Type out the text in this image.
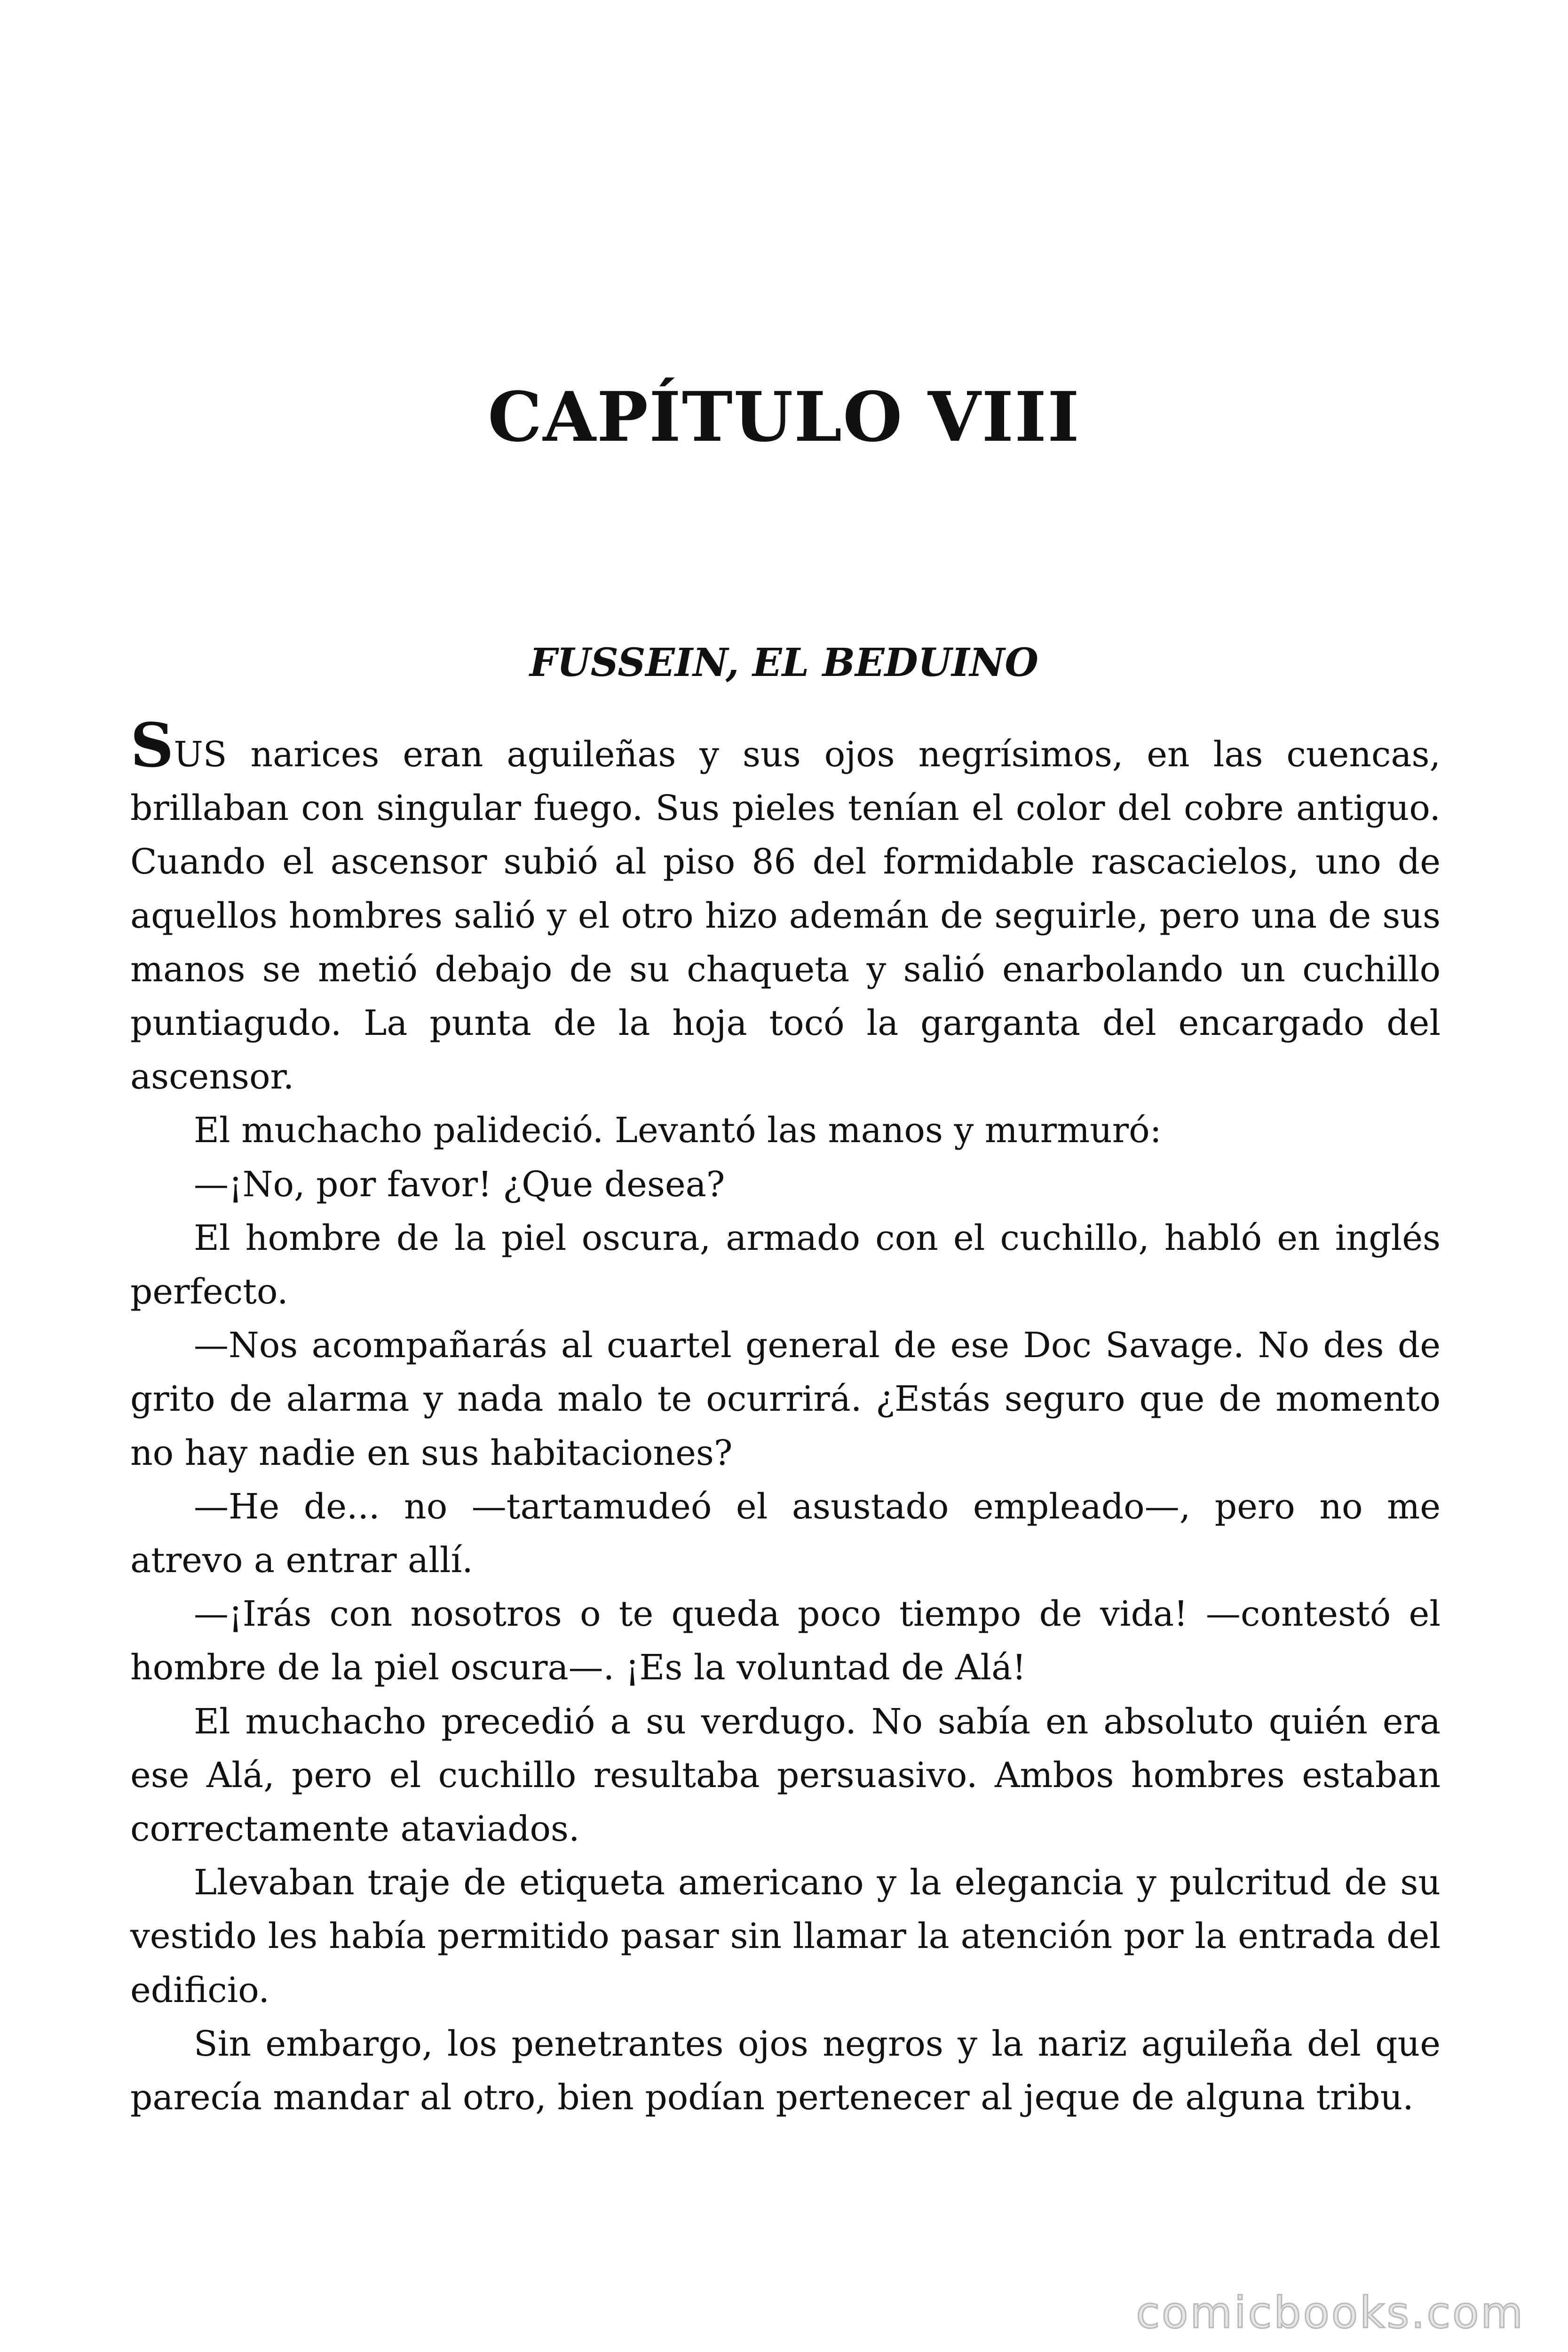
CAPÍTULO VIII
FUSSEIN, EL BEDUINO

SUS narices eran aguileñas y sus ojos negrísimos, en las cuencas, brillaban con singular fuego. Sus pieles tenían el color del cobre antiguo. Cuando el ascensor subió al piso 86 del formidable rascacielos, uno de aquellos hombres salió y el otro hizo ademán de seguirle, pero una de sus manos se metió debajo de su chaqueta y salió enarbolando un cuchillo puntiagudo. La punta de la hoja tocó la garganta del encargado del ascensor.

El muchacho palideció. Levantó las manos y murmuró:

—¡No, por favor! ¿Que desea?

El hombre de la piel oscura, armado con el cuchillo, habló en inglés perfecto.

—Nos acompañarás al cuartel general de ese Doc Savage. No des de grito de alarma y nada malo te ocurrirá. ¿Estás seguro que de momento no hay nadie en sus habitaciones?

—He de... no —tartamudeó el asustado empleado—, pero no me atrevo a entrar allí.

—¡Irás con nosotros o te queda poco tiempo de vida! —contestó el hombre de la piel oscura—. ¡Es la voluntad de Alá!

El muchacho precedió a su verdugo. No sabía en absoluto quién era ese Alá, pero el cuchillo resultaba persuasivo. Ambos hombres estaban correctamente ataviados.

Llevaban traje de etiqueta americano y la elegancia y pulcritud de su vestido les había permitido pasar sin llamar la atención por la entrada del edificio.

Sin embargo, los penetrantes ojos negros y la nariz aguileña del que parecía mandar al otro, bien podían pertenecer al jeque de alguna tribu.

comicbooks.com
